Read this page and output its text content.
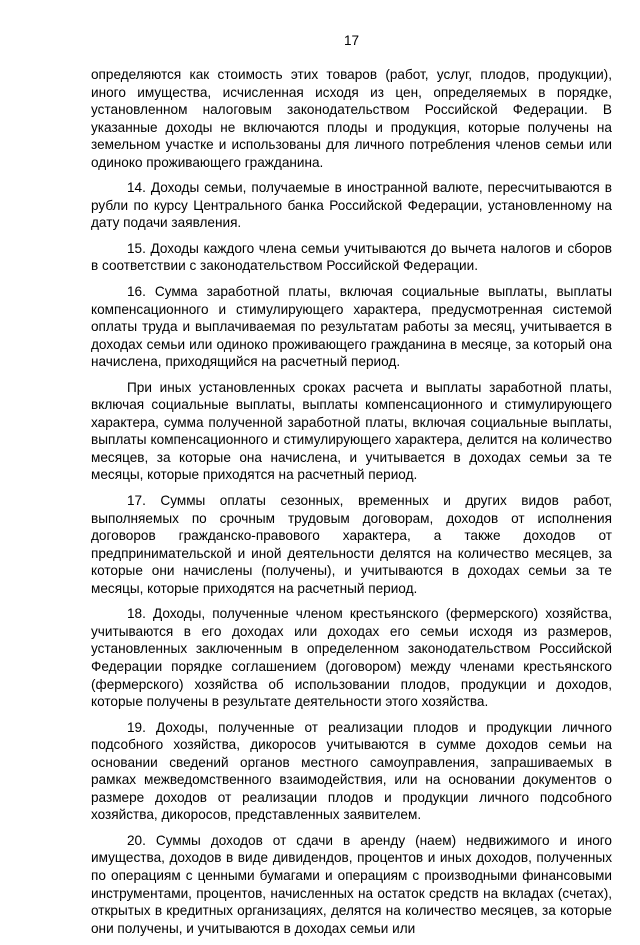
17

определяются как стоимость этих товаров (работ, услуг, плодов, продукции), иного имущества, исчисленная исходя из цен, определяемых в порядке, установленном налоговым законодательством Российской Федерации. В указанные доходы не включаются плоды и продукция, которые получены на земельном участке и использованы для личного потребления членов семьи или одиноко проживающего гражданина.

14. Доходы семьи, получаемые в иностранной валюте, пересчитываются в рубли по курсу Центрального банка Российской Федерации, установленному на дату подачи заявления.

15. Доходы каждого члена семьи учитываются до вычета налогов и сборов в соответствии с законодательством Российской Федерации.

16. Сумма заработной платы, включая социальные выплаты, выплаты компенсационного и стимулирующего характера, предусмотренная системой оплаты труда и выплачиваемая по результатам работы за месяц, учитывается в доходах семьи или одиноко проживающего гражданина в месяце, за который она начислена, приходящийся на расчетный период.

При иных установленных сроках расчета и выплаты заработной платы, включая социальные выплаты, выплаты компенсационного и стимулирующего характера, сумма полученной заработной платы, включая социальные выплаты, выплаты компенсационного и стимулирующего характера, делится на количество месяцев, за которые она начислена, и учитывается в доходах семьи за те месяцы, которые приходятся на расчетный период.

17. Суммы оплаты сезонных, временных и других видов работ, выполняемых по срочным трудовым договорам, доходов от исполнения договоров гражданско-правового характера, а также доходов от предпринимательской и иной деятельности делятся на количество месяцев, за которые они начислены (получены), и учитываются в доходах семьи за те месяцы, которые приходятся на расчетный период.

18. Доходы, полученные членом крестьянского (фермерского) хозяйства, учитываются в его доходах или доходах его семьи исходя из размеров, установленных заключенным в определенном законодательством Российской Федерации порядке соглашением (договором) между членами крестьянского (фермерского) хозяйства об использовании плодов, продукции и доходов, которые получены в результате деятельности этого хозяйства.

19. Доходы, полученные от реализации плодов и продукции личного подсобного хозяйства, дикоросов учитываются в сумме доходов семьи на основании сведений органов местного самоуправления, запрашиваемых в рамках межведомственного взаимодействия, или на основании документов о размере доходов от реализации плодов и продукции личного подсобного хозяйства, дикоросов, представленных заявителем.

20. Суммы доходов от сдачи в аренду (наем) недвижимого и иного имущества, доходов в виде дивидендов, процентов и иных доходов, полученных по операциям с ценными бумагами и операциям с производными финансовыми инструментами, процентов, начисленных на остаток средств на вкладах (счетах), открытых в кредитных организациях, делятся на количество месяцев, за которые они получены, и учитываются в доходах семьи или
